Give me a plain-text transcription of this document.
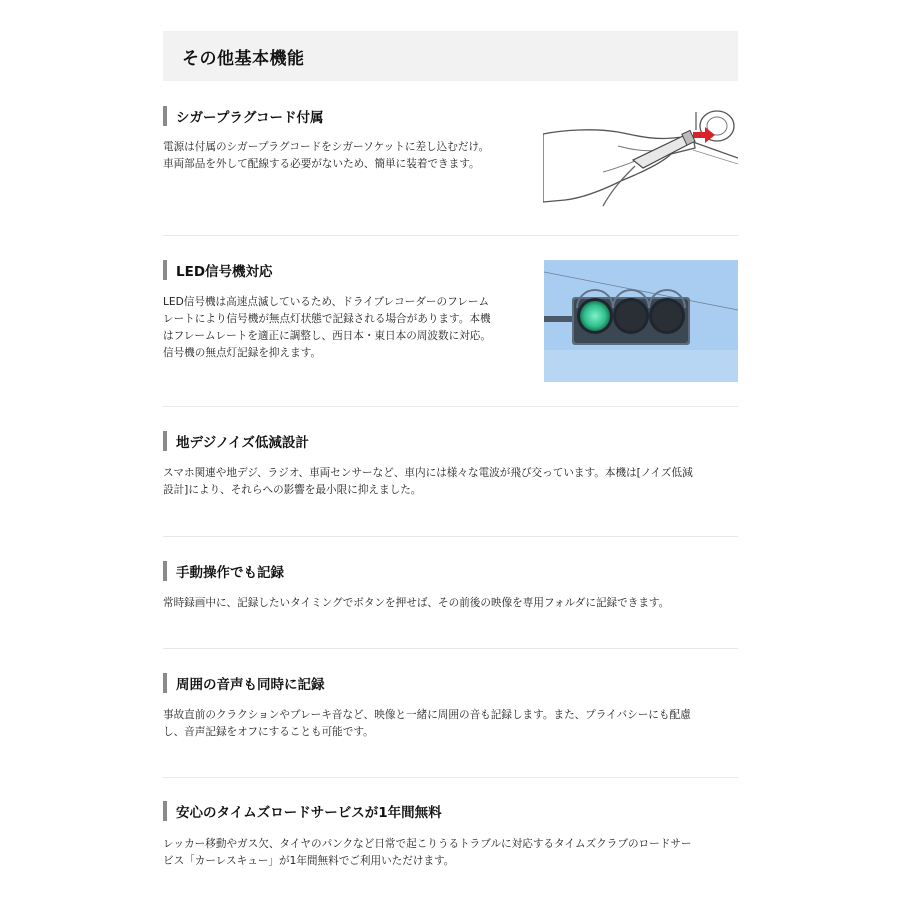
その他基本機能
シガープラグコード付属

電源は付属のシガープラグコードをシガーソケットに差し込むだけ。
車両部品を外して配線する必要がないため、簡単に装着できます。

LED信号機対応

LED信号機は高速点滅しているため、ドライブレコーダーのフレーム
レートにより信号機が無点灯状態で記録される場合があります。本機
はフレームレートを適正に調整し、西日本・東日本の周波数に対応。
信号機の無点灯記録を抑えます。

地デジノイズ低減設計

スマホ関連や地デジ、ラジオ、車両センサーなど、車内には様々な電波が飛び交っています。本機は[ノイズ低減
設計]により、それらへの影響を最小限に抑えました。

手動操作でも記録

常時録画中に、記録したいタイミングでボタンを押せば、その前後の映像を専用フォルダに記録できます。

周囲の音声も同時に記録

事故直前のクラクションやブレーキ音など、映像と一緒に周囲の音も記録します。また、プライバシーにも配慮
し、音声記録をオフにすることも可能です。

安心のタイムズロードサービスが1年間無料

レッカー移動やガス欠、タイヤのパンクなど日常で起こりうるトラブルに対応するタイムズクラブのロードサー
ビス「カーレスキュー」が1年間無料でご利用いただけます。
